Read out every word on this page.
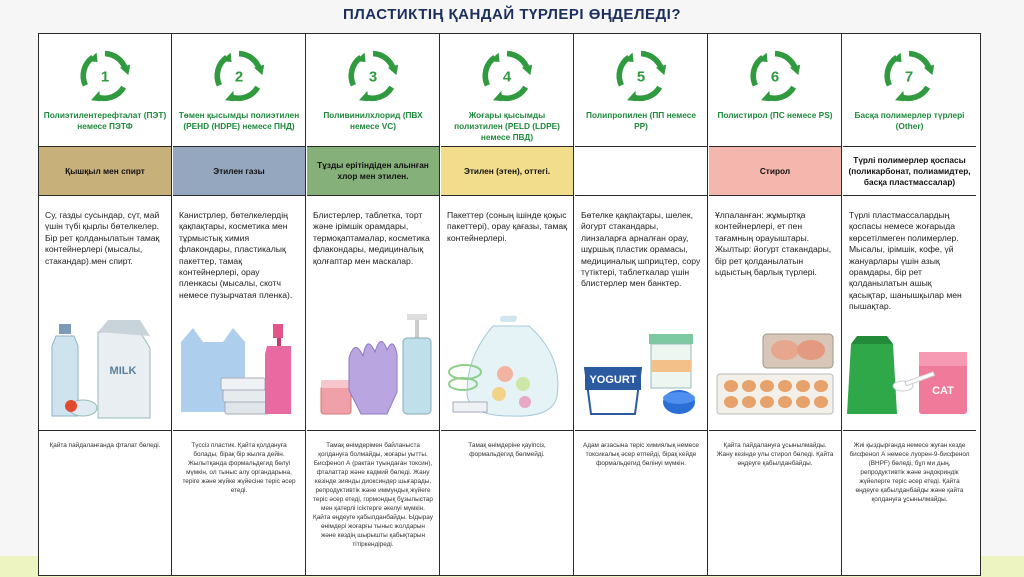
ПЛАСТИКТІҢ ҚАНДАЙ ТҮРЛЕРІ ӨҢДЕЛЕДІ?
1
Полиэтилентерефталат (ПЭТ) немесе ПЭТФ
Қышқыл мен спирт
Су, газды сусындар, сүт, май үшін түбі қырлы бөтелкелер. Бір рет қолданылатын тамақ контейнерлері (мысалы, стакандар).мен спирт.
MILK
Қайта пайдаланғанда фталат бөледі.
2
Төмен қысымды полиэтилен (PEHD (HDPE) немесе ПНД)
Этилен газы
Канистрлер, бөтелкелердің қақпақтары, косметика мен тұрмыстық химия флакондары, пластикалық пакеттер, тамақ контейнерлері, орау пленкасы (мысалы, скотч немесе пузырчатая пленка).
Түссіз пластик. Қайта қолдануға болады, бірақ бір жылға дейін. Жылытқанда формальдегид бөлуі мүмкін, ол тыныс алу органдарына, теріге және жүйке жүйесіне теріс әсер етеді.
3
Поливинилхлорид (ПВХ немесе VC)
Тұзды ерітіндіден алынған хлор мен этилен.
Блистерлер, таблетка, торт және ірімшік орамдары, термоқаптамалар, косметика флакондары, медициналық қолғаптар мен маскалар.
Тамақ өнімдерімен байланыста қолдануға болмайды, жоғары уытты. Бисфенол А (рактан туындаған токсин), фталаттар және кадмий бөледі. Жану кезінде зиянды диоксиндер шығарады, репродуктивтік және иммундық жүйеге теріс әсер етеді, гормондық бұзылыстар мен қатерлі ісіктерге әкелуі мүмкін. Қайта өңдеуге қабылданбайды. Ыдырау өнімдері жоғарғы тыныс жолдарын және көздің шырышты қабықтарын тітіркендіреді.
4
Жоғары қысымды полиэтилен (PELD (LDPE) немесе ПВД)
Этилен (этен), оттегі.
Пакеттер (соның ішінде қоқыс пакеттері), орау қағазы, тамақ контейнерлері.
Тамақ өнімдеріне қауіпсіз, формальдегид бөлмейді.
5
Полипропилен (ПП немесе PP)
Бөтелке қақпақтары, шелек, йогурт стакандары, линзаларға арналған орау, шұршық пластик орамасы, медициналық шприцтер, сору түтіктері, таблеткалар үшін блистерлер мен банктер.
YOGURT
Адам ағзасына теріс химиялық немесе токсикалық әсер етпейді, бірақ кейде формальдегид бөлінуі мүмкін.
6
Полистирол (ПС немесе PS)
Стирол
Ұлпаланған: жұмыртқа контейнерлері, ет пен тағамның орауыштары. Жылтыр: йогурт стакандары, бір рет қолданылатын ыдыстың барлық түрлері.
Қайта пайдалануға ұсынылмайды. Жану кезінде улы стирол бөледі. Қайта өңдеуге қабылданбайды.
7
Басқа полимерлер түрлері (Other)
Түрлі полимерлер қоспасы (поликарбонат, полиамидтер, басқа пластмассалар)
Түрлі пластмассалардың қоспасы немесе жоғарыда көрсетілмеген полимерлер. Мысалы, ірімшік, кофе, үй жануарлары үшін азық орамдары, бір рет қолданылатын ашық қасықтар, шанышқылар мен пышақтар.
CAT
Жиі қыздырғанда немесе жуған кезде бисфенол А немесе луорен-9-бисфенол (BHPF) бөледі, бұл ми дың, репродуктивтік және эндокриндік жүйелерге теріс әсер етеді. Қайта өңдеуге қабылданбайды және қайта қолдануға ұсынылмайды.
